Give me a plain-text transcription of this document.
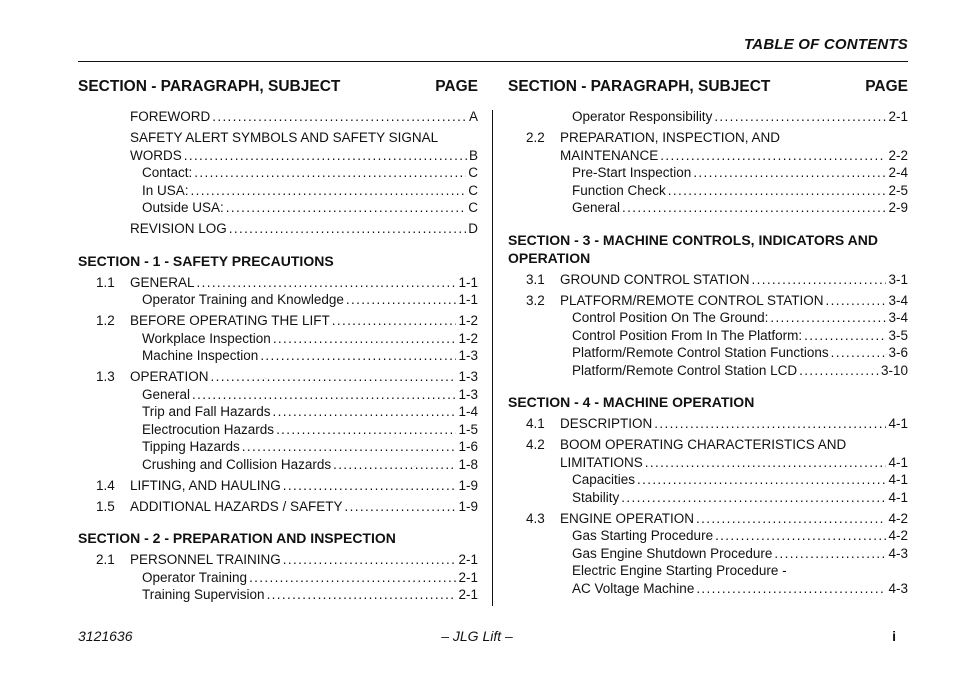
TABLE OF CONTENTS
SECTION - PARAGRAPH, SUBJECT	PAGE
FOREWORD . . .	A
SAFETY ALERT SYMBOLS AND SAFETY SIGNAL
WORDS . . .	B
Contact: . . .	C
In USA: . . .	C
Outside USA: . . .	C
REVISION LOG . . .	D
SECTION - 1 - SAFETY PRECAUTIONS
1.1 GENERAL . . .	1-1
Operator Training and Knowledge . . .	1-1
1.2 BEFORE OPERATING THE LIFT . . .	1-2
Workplace Inspection . . .	1-2
Machine Inspection . . .	1-3
1.3 OPERATION . . .	1-3
General . . .	1-3
Trip and Fall Hazards . . .	1-4
Electrocution Hazards . . .	1-5
Tipping Hazards . . .	1-6
Crushing and Collision Hazards . . .	1-8
1.4 LIFTING, AND HAULING . . .	1-9
1.5 ADDITIONAL HAZARDS / SAFETY . . .	1-9
SECTION - 2 - PREPARATION AND INSPECTION
2.1 PERSONNEL TRAINING . . .	2-1
Operator Training . . .	2-1
Training Supervision . . .	2-1
SECTION - PARAGRAPH, SUBJECT	PAGE
Operator Responsibility . . .	2-1
2.2 PREPARATION, INSPECTION, AND
MAINTENANCE . . .	2-2
Pre-Start Inspection . . .	2-4
Function Check . . .	2-5
General . . .	2-9
SECTION - 3 - MACHINE CONTROLS, INDICATORS AND OPERATION
3.1 GROUND CONTROL STATION . . .	3-1
3.2 PLATFORM/REMOTE CONTROL STATION . . .	3-4
Control Position On The Ground: . . .	3-4
Control Position From In The Platform: . . .	3-5
Platform/Remote Control Station Functions . . .	3-6
Platform/Remote Control Station LCD . . .	3-10
SECTION - 4 - MACHINE OPERATION
4.1 DESCRIPTION . . .	4-1
4.2 BOOM OPERATING CHARACTERISTICS AND
LIMITATIONS . . .	4-1
Capacities . . .	4-1
Stability . . .	4-1
4.3 ENGINE OPERATION . . .	4-2
Gas Starting Procedure . . .	4-2
Gas Engine Shutdown Procedure . . .	4-3
Electric Engine Starting Procedure -
AC Voltage Machine . . .	4-3
3121636	– JLG Lift –	i
